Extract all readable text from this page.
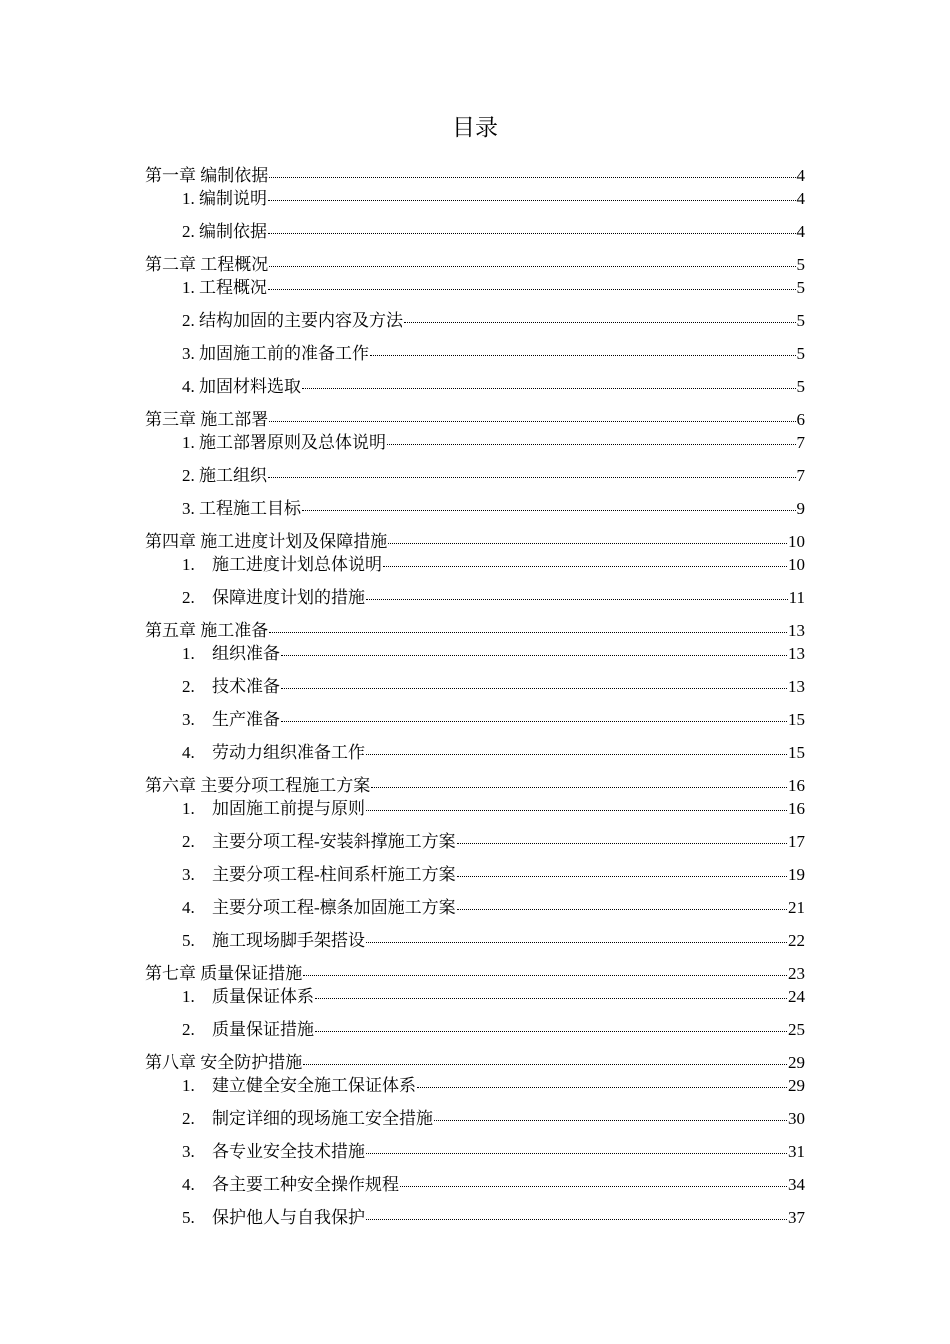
目录
第一章 编制依据	4
1. 编制说明	4
2. 编制依据	4
第二章 工程概况	5
1. 工程概况	5
2. 结构加固的主要内容及方法	5
3. 加固施工前的准备工作	5
4. 加固材料选取	5
第三章 施工部署	6
1. 施工部署原则及总体说明	7
2. 施工组织	7
3. 工程施工目标	9
第四章 施工进度计划及保障措施	10
1.	施工进度计划总体说明	10
2.	保障进度计划的措施	11
第五章 施工准备	13
1.	组织准备	13
2.	技术准备	13
3.	生产准备	15
4.	劳动力组织准备工作	15
第六章 主要分项工程施工方案	16
1.	加固施工前提与原则	16
2.	主要分项工程-安装斜撑施工方案	17
3.	主要分项工程-柱间系杆施工方案	19
4.	主要分项工程-檩条加固施工方案	21
5.	施工现场脚手架搭设	22
第七章 质量保证措施	23
1.	质量保证体系	24
2.	质量保证措施	25
第八章 安全防护措施	29
1.	建立健全安全施工保证体系	29
2.	制定详细的现场施工安全措施	30
3.	各专业安全技术措施	31
4.	各主要工种安全操作规程	34
5.	保护他人与自我保护	37
